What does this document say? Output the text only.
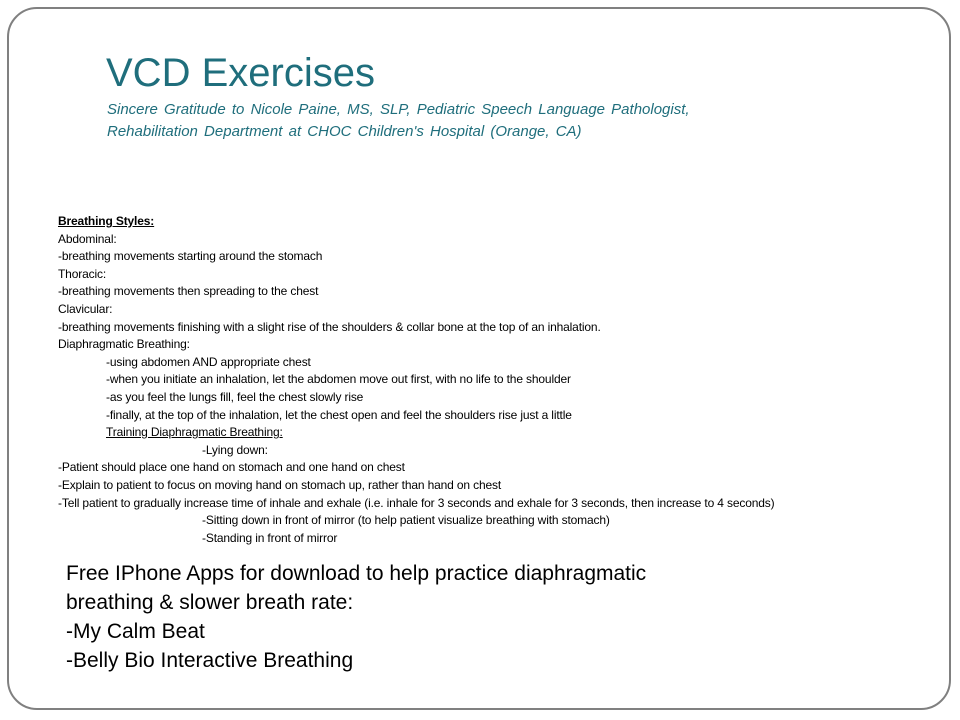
VCD Exercises
Sincere Gratitude to Nicole Paine, MS, SLP, Pediatric Speech Language Pathologist,
Rehabilitation Department at CHOC Children's Hospital (Orange, CA)
Breathing Styles:
Abdominal:
-breathing movements starting around the stomach
Thoracic:
-breathing movements then spreading to the chest
Clavicular:
-breathing movements finishing with a slight rise of the shoulders & collar bone at the top of an inhalation.
Diaphragmatic Breathing:
-using abdomen AND appropriate chest
-when you initiate an inhalation, let the abdomen move out first, with no life to the shoulder
-as you feel the lungs fill, feel the chest slowly rise
-finally, at the top of the inhalation, let the chest open and feel the shoulders rise just a little
Training Diaphragmatic Breathing:
-Lying down:
-Patient should place one hand on stomach and one hand on chest
-Explain to patient to focus on moving hand on stomach up, rather than hand on chest
-Tell patient to gradually increase time of inhale and exhale (i.e. inhale for 3 seconds and exhale for 3 seconds, then increase to 4 seconds)
-Sitting down in front of mirror (to help patient visualize breathing with stomach)
-Standing in front of mirror
Free IPhone Apps for download to help practice diaphragmatic
breathing & slower breath rate:
-My Calm Beat
-Belly Bio Interactive Breathing
